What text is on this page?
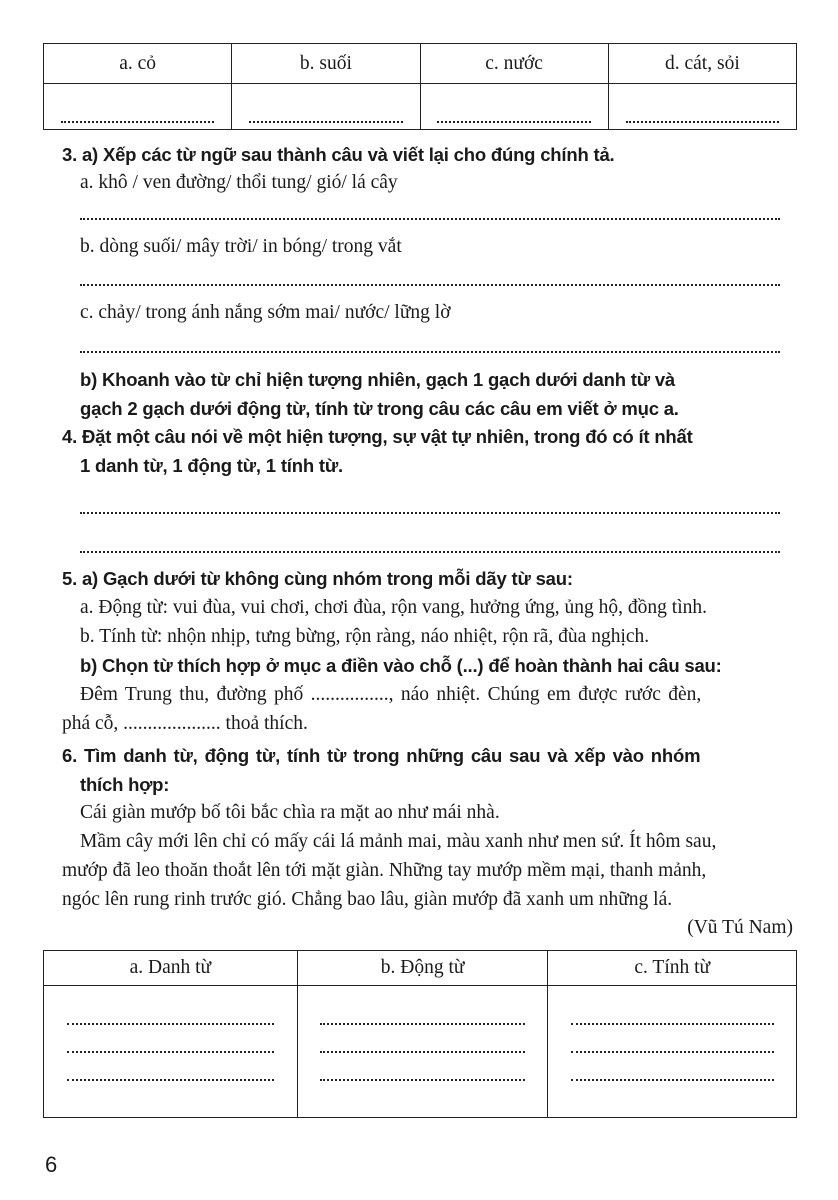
a. cỏ	b. suối	c. nước	d. cát, sỏi

3. a) Xếp các từ ngữ sau thành câu và viết lại cho đúng chính tả.
a. khô / ven đường/ thổi tung/ gió/ lá cây
b. dòng suối/ mây trời/ in bóng/ trong vắt
c. chảy/ trong ánh nắng sớm mai/ nước/ lững lờ
b) Khoanh vào từ chỉ hiện tượng nhiên, gạch 1 gạch dưới danh từ và
gạch 2 gạch dưới động từ, tính từ trong câu các câu em viết ở mục a.
4. Đặt một câu nói về một hiện tượng, sự vật tự nhiên, trong đó có ít nhất
1 danh từ, 1 động từ, 1 tính từ.
5. a) Gạch dưới từ không cùng nhóm trong mỗi dãy từ sau:
a. Động từ: vui đùa, vui chơi, chơi đùa, rộn vang, hưởng ứng, ủng hộ, đồng tình.
b. Tính từ: nhộn nhịp, tưng bừng, rộn ràng, náo nhiệt, rộn rã, đùa nghịch.
b) Chọn từ thích hợp ở mục a điền vào chỗ (...) để hoàn thành hai câu sau:
Đêm Trung thu, đường phố ................, náo nhiệt. Chúng em được rước đèn,
phá cỗ, .................... thoả thích.
6. Tìm danh từ, động từ, tính từ trong những câu sau và xếp vào nhóm
thích hợp:
Cái giàn mướp bố tôi bắc chìa ra mặt ao như mái nhà.
Mầm cây mới lên chỉ có mấy cái lá mảnh mai, màu xanh như men sứ. Ít hôm sau,
mướp đã leo thoăn thoắt lên tới mặt giàn. Những tay mướp mềm mại, thanh mảnh,
ngóc lên rung rinh trước gió. Chẳng bao lâu, giàn mướp đã xanh um những lá.
(Vũ Tú Nam)
a. Danh từ	b. Động từ	c. Tính từ

6
